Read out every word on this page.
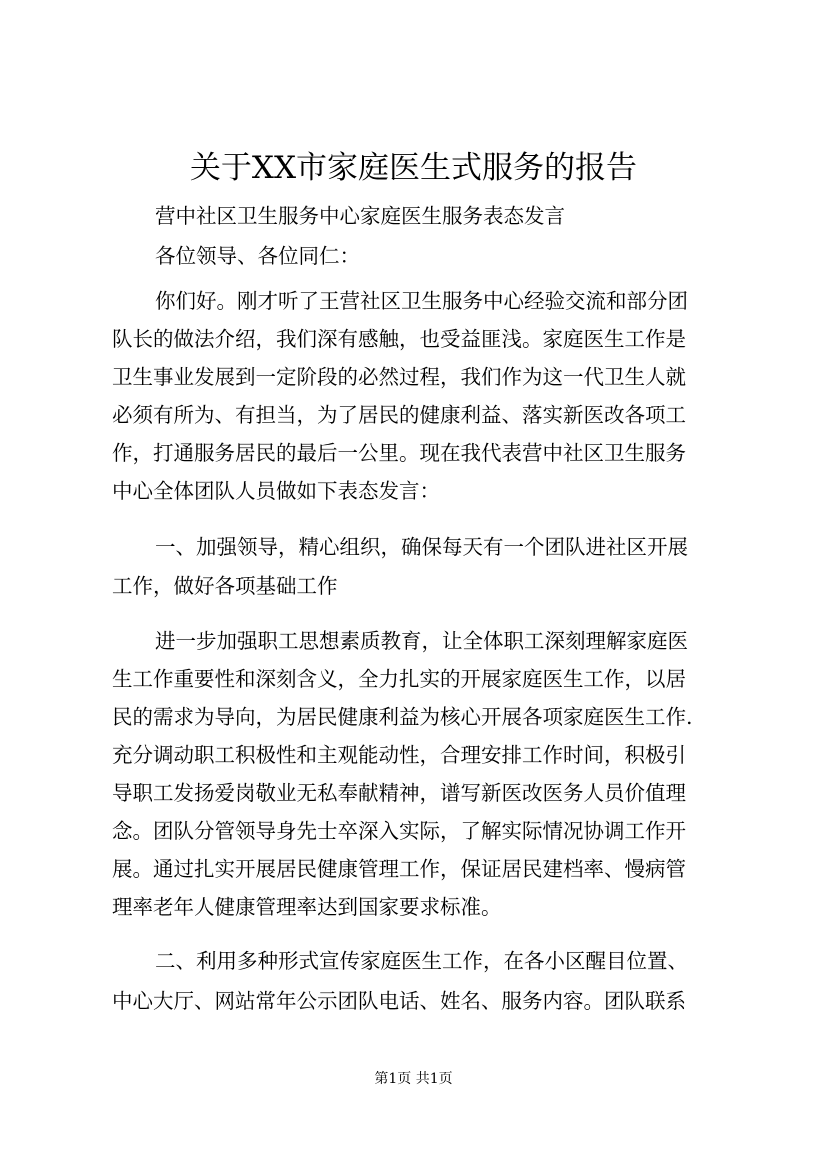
关于XX市家庭医生式服务的报告
营中社区卫生服务中心家庭医生服务表态发言
各位领导、各位同仁：
你们好。刚才听了王营社区卫生服务中心经验交流和部分团
队长的做法介绍，我们深有感触，也受益匪浅。家庭医生工作是
卫生事业发展到一定阶段的必然过程，我们作为这一代卫生人就
必须有所为、有担当，为了居民的健康利益、落实新医改各项工
作，打通服务居民的最后一公里。现在我代表营中社区卫生服务
中心全体团队人员做如下表态发言：
一、加强领导，精心组织，确保每天有一个团队进社区开展
工作，做好各项基础工作
进一步加强职工思想素质教育，让全体职工深刻理解家庭医
生工作重要性和深刻含义，全力扎实的开展家庭医生工作，以居
民的需求为导向，为居民健康利益为核心开展各项家庭医生工作.
充分调动职工积极性和主观能动性，合理安排工作时间，积极引
导职工发扬爱岗敬业无私奉献精神，谱写新医改医务人员价值理
念。团队分管领导身先士卒深入实际，了解实际情况协调工作开
展。通过扎实开展居民健康管理工作，保证居民建档率、慢病管
理率老年人健康管理率达到国家要求标准。
二、利用多种形式宣传家庭医生工作，在各小区醒目位置、
中心大厅、网站常年公示团队电话、姓名、服务内容。团队联系
第1页 共1页
